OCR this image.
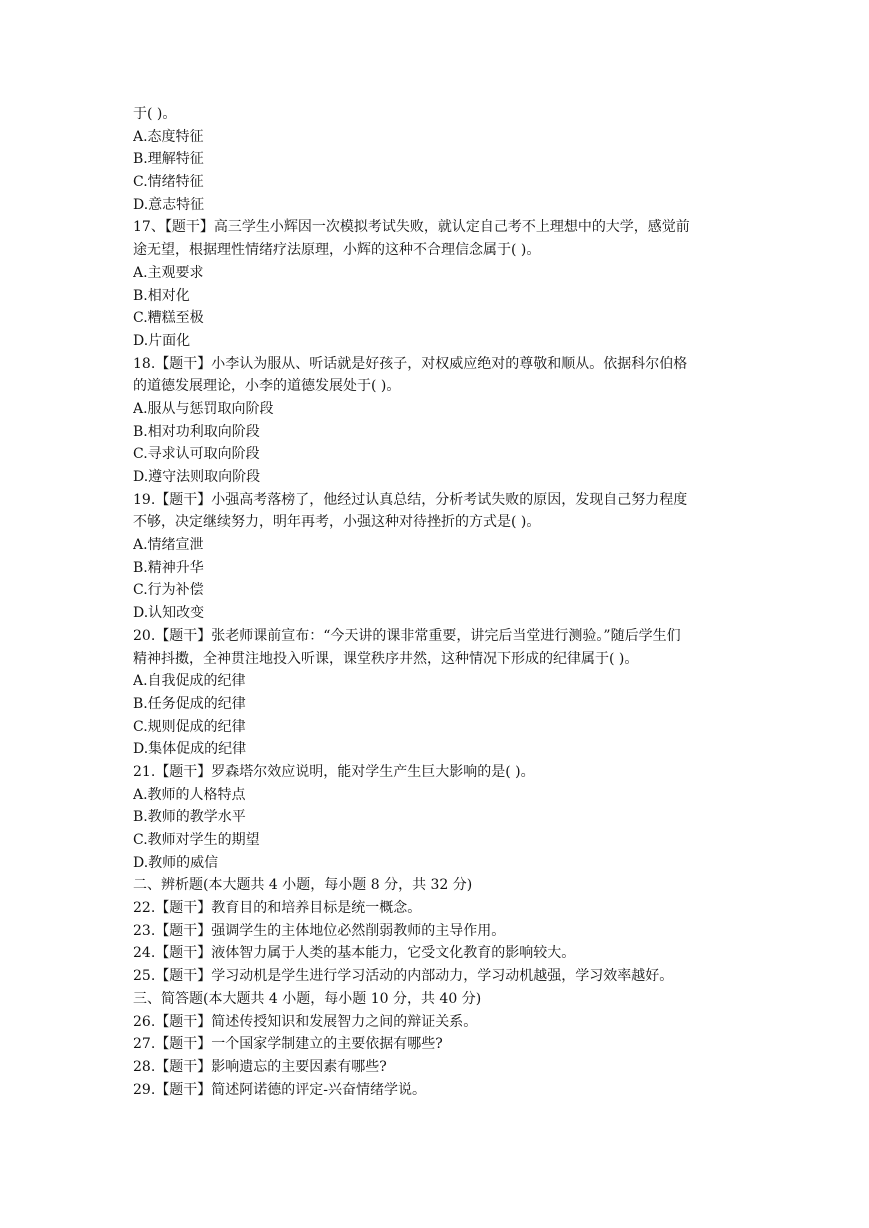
于( )。
A.态度特征
B.理解特征
C.情绪特征
D.意志特征
17、【题干】高三学生小辉因一次模拟考试失败，就认定自己考不上理想中的大学，感觉前
途无望，根据理性情绪疗法原理，小辉的这种不合理信念属于( )。
A.主观要求
B.相对化
C.糟糕至极
D.片面化
18.【题干】小李认为服从、听话就是好孩子，对权威应绝对的尊敬和顺从。依据科尔伯格
的道德发展理论，小李的道德发展处于( )。
A.服从与惩罚取向阶段
B.相对功利取向阶段
C.寻求认可取向阶段
D.遵守法则取向阶段
19.【题干】小强高考落榜了，他经过认真总结，分析考试失败的原因，发现自己努力程度
不够，决定继续努力，明年再考，小强这种对待挫折的方式是( )。
A.情绪宣泄
B.精神升华
C.行为补偿
D.认知改变
20.【题干】张老师课前宣布：“今天讲的课非常重要，讲完后当堂进行测验。”随后学生们
精神抖擞，全神贯注地投入听课，课堂秩序井然，这种情况下形成的纪律属于( )。
A.自我促成的纪律
B.任务促成的纪律
C.规则促成的纪律
D.集体促成的纪律
21.【题干】罗森塔尔效应说明，能对学生产生巨大影响的是( )。
A.教师的人格特点
B.教师的教学水平
C.教师对学生的期望
D.教师的威信
二、辨析题(本大题共 4 小题，每小题 8 分，共 32 分)
22.【题干】教育目的和培养目标是统一概念。
23.【题干】强调学生的主体地位必然削弱教师的主导作用。
24.【题干】液体智力属于人类的基本能力，它受文化教育的影响较大。
25.【题干】学习动机是学生进行学习活动的内部动力，学习动机越强，学习效率越好。
三、简答题(本大题共 4 小题，每小题 10 分，共 40 分)
26.【题干】简述传授知识和发展智力之间的辩证关系。
27.【题干】一个国家学制建立的主要依据有哪些?
28.【题干】影响遗忘的主要因素有哪些?
29.【题干】简述阿诺德的评定-兴奋情绪学说。
